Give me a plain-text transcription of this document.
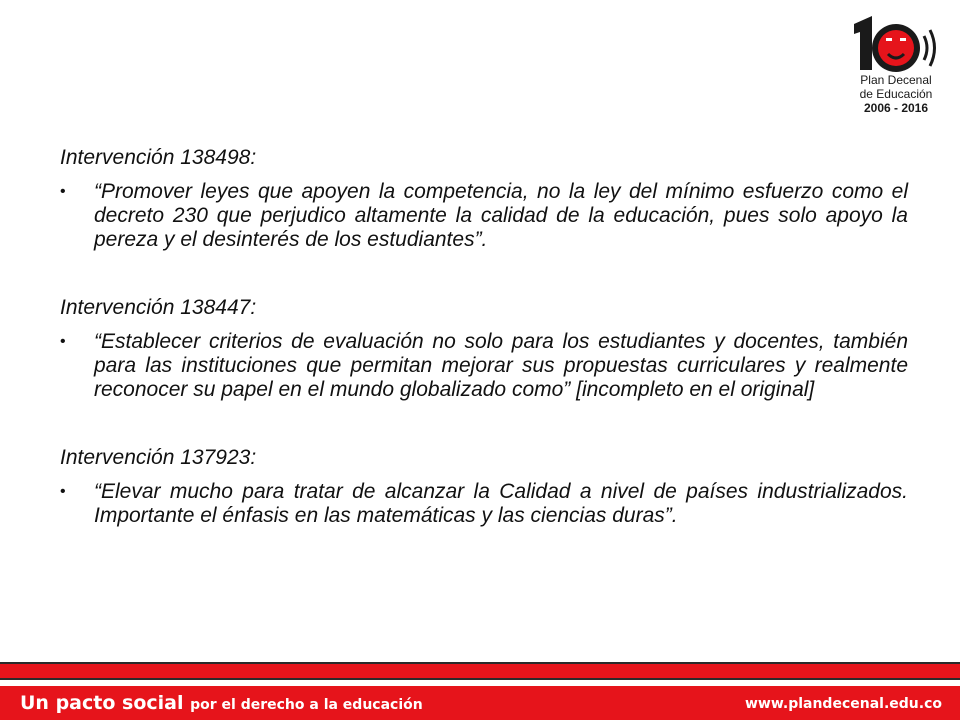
Plan Decenal
de Educación
2006 - 2016
Intervención 138498:
•	“Promover leyes que apoyen la competencia, no la ley del mínimo esfuerzo como el decreto 230 que perjudico altamente la calidad de la educación, pues solo apoyo la pereza y el desinterés de los estudiantes”.
Intervención 138447:
•	“Establecer criterios de evaluación no solo para los estudiantes y docentes, también para las instituciones que permitan mejorar sus propuestas curriculares y realmente reconocer su papel en el mundo globalizado como” [incompleto en el original]
Intervención 137923:
•	“Elevar mucho para tratar de alcanzar la Calidad a nivel de países industrializados. Importante el énfasis en las matemáticas y las ciencias duras”.
Un pacto social por el derecho a la educación	www.plandecenal.edu.co
